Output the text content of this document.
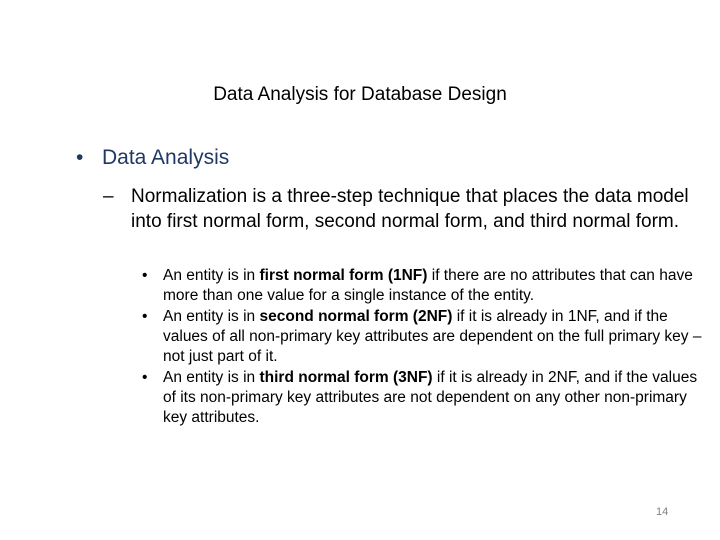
Data Analysis for Database Design
• Data Analysis
– Normalization is a three-step technique that places the data model into first normal form, second normal form, and third normal form.
• An entity is in first normal form (1NF) if there are no attributes that can have more than one value for a single instance of the entity.
• An entity is in second normal form (2NF) if it is already in 1NF, and if the values of all non-primary key attributes are dependent on the full primary key – not just part of it.
• An entity is in third normal form (3NF) if it is already in 2NF, and if the values of its non-primary key attributes are not dependent on any other non-primary key attributes.
14
